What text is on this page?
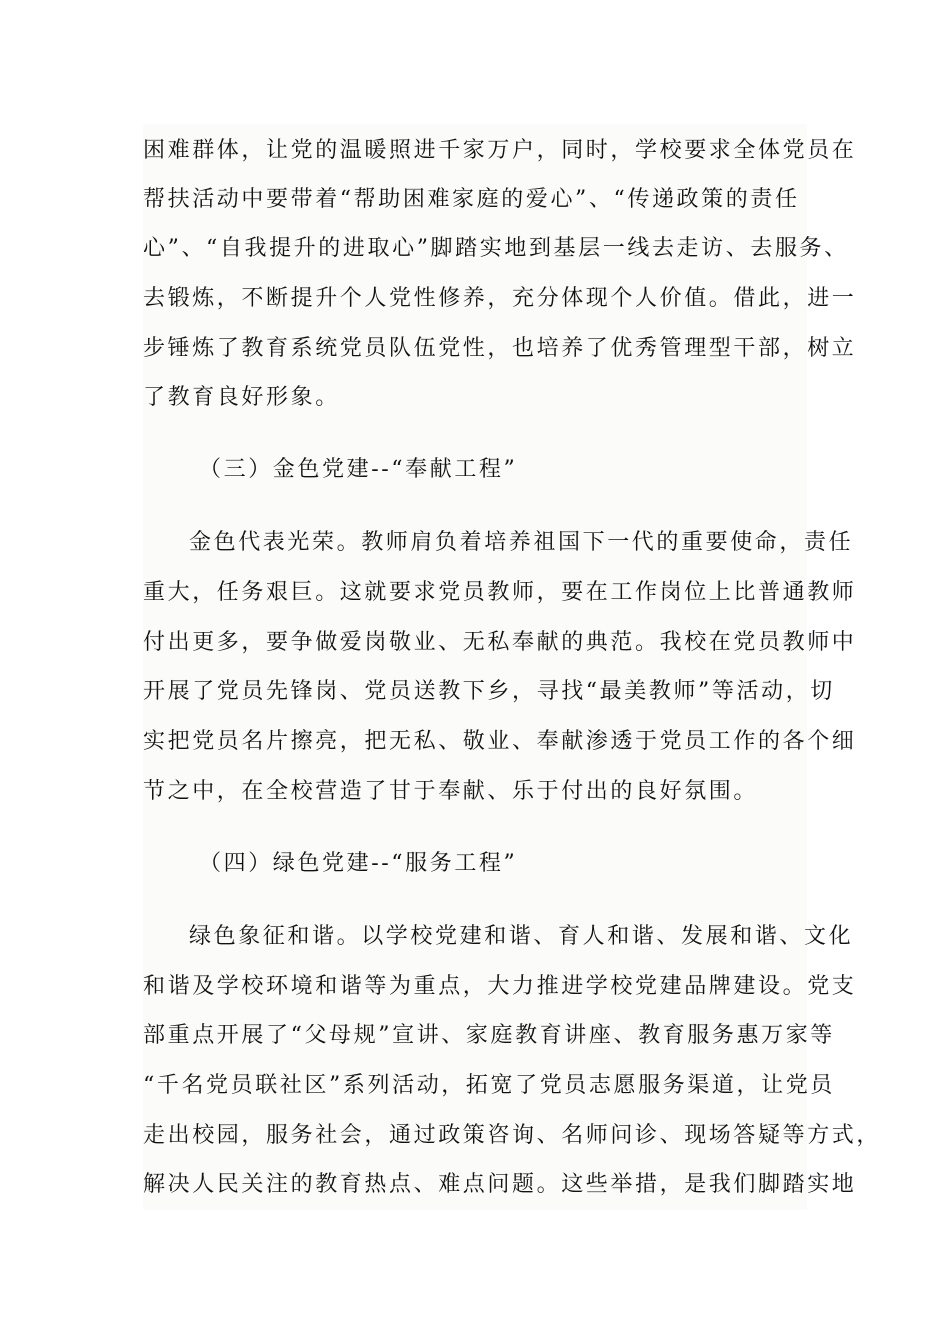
困难群体，让党的温暖照进千家万户，同时，学校要求全体党员在
帮扶活动中要带着“帮助困难家庭的爱心”、“传递政策的责任
心”、“自我提升的进取心”脚踏实地到基层一线去走访、去服务、
去锻炼，不断提升个人党性修养，充分体现个人价值。借此，进一
步锤炼了教育系统党员队伍党性，也培养了优秀管理型干部，树立
了教育良好形象。
（三）金色党建--“奉献工程”
金色代表光荣。教师肩负着培养祖国下一代的重要使命，责任
重大，任务艰巨。这就要求党员教师，要在工作岗位上比普通教师
付出更多，要争做爱岗敬业、无私奉献的典范。我校在党员教师中
开展了党员先锋岗、党员送教下乡，寻找“最美教师”等活动，切
实把党员名片擦亮，把无私、敬业、奉献渗透于党员工作的各个细
节之中，在全校营造了甘于奉献、乐于付出的良好氛围。
（四）绿色党建--“服务工程”
绿色象征和谐。以学校党建和谐、育人和谐、发展和谐、文化
和谐及学校环境和谐等为重点，大力推进学校党建品牌建设。党支
部重点开展了“父母规”宣讲、家庭教育讲座、教育服务惠万家等
“千名党员联社区”系列活动，拓宽了党员志愿服务渠道，让党员
走出校园，服务社会，通过政策咨询、名师问诊、现场答疑等方式，
解决人民关注的教育热点、难点问题。这些举措，是我们脚踏实地
